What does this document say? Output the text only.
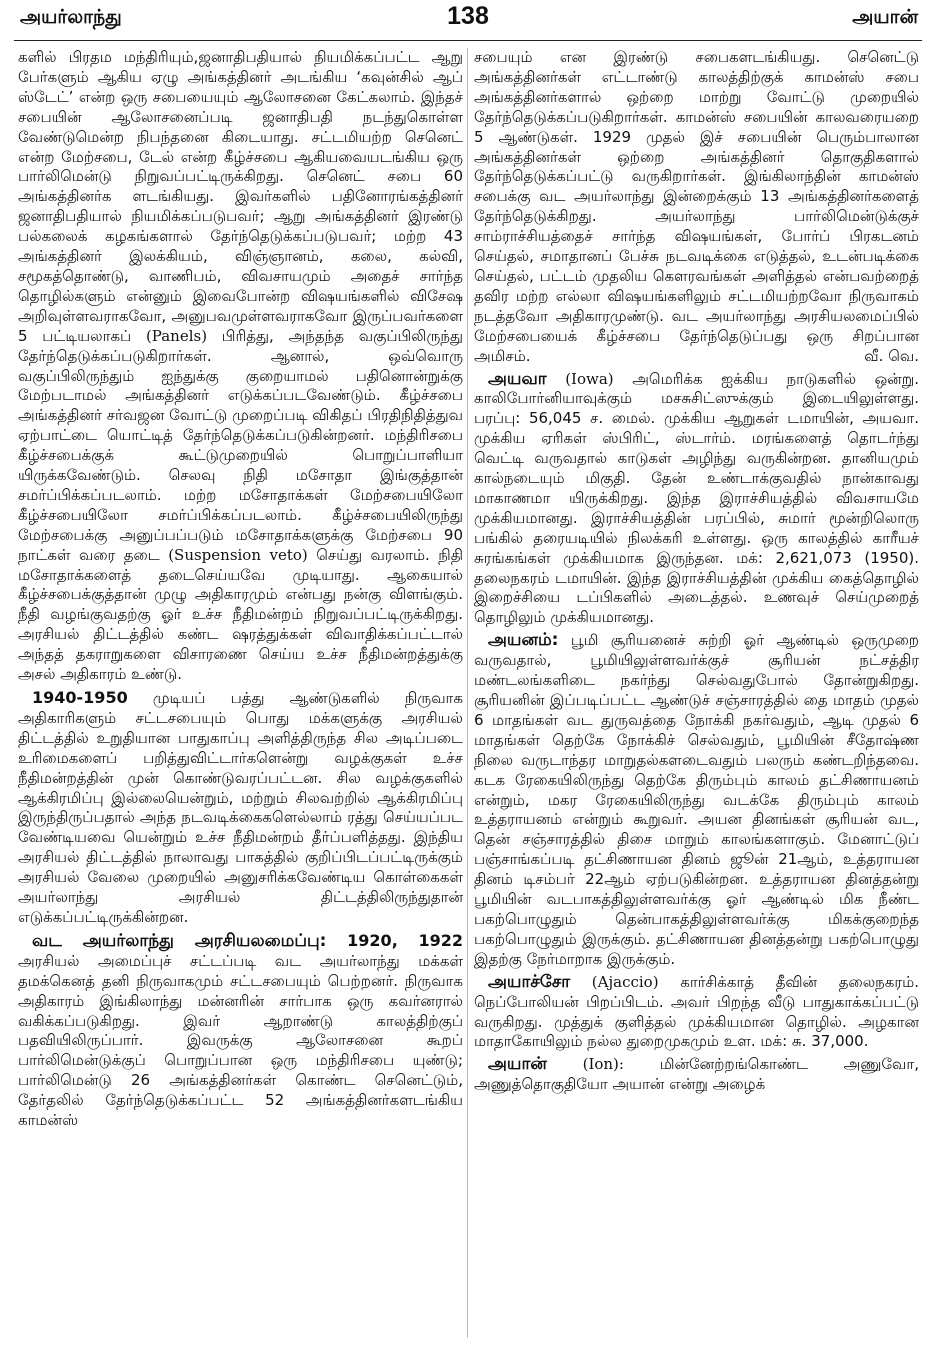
அயர்லாந்து	138	அயான்

களில் பிரதம மந்திரியும்,ஜனாதிபதியால் நியமிக்கப்பட்ட ஆறு பேர்களும் ஆகிய ஏழு அங்கத்தினர் அடங்கிய ‘கவுன்சில் ஆப் ஸ்டேட்’ என்ற ஒரு சபையையும் ஆலோசனை கேட்கலாம். இந்தச் சபையின் ஆலோசனைப்படி ஜனாதிபதி நடந்துகொள்ள வேண்டுமென்ற நிபந்தனை கிடையாது. சட்டமியற்ற செனெட் என்ற மேற்சபை, டேல் என்ற கீழ்ச்சபை ஆகியவையடங்கிய ஒரு பார்லிமென்டு நிறுவப்பட்டிருக்கிறது. செனெட் சபை 60 அங்கத்தினர்க ளடங்கியது. இவர்களில் பதினோரங்கத்தினர் ஜனாதிபதியால் நியமிக்கப்படுபவர்; ஆறு அங்கத்தினர் இரண்டு பல்கலைக் கழகங்களால் தேர்ந்தெடுக்கப்படுபவர்; மற்ற 43 அங்கத்தினர் இலக்கியம், விஞ்ஞானம், கலை, கல்வி, சமூகத்தொண்டு, வாணிபம், விவசாயமும் அதைச் சார்ந்த தொழில்களும் என்னும் இவைபோன்ற விஷயங்களில் விசேஷ அறிவுள்ளவராகவோ, அனுபவமுள்ளவராகவோ இருப்பவர்களை 5 பட்டியலாகப் (Panels) பிரித்து, அந்தந்த வகுப்பிலிருந்து தேர்ந்தெடுக்கப்படுகிறார்கள். ஆனால், ஒவ்வொரு வகுப்பிலிருந்தும் ஐந்துக்கு குறையாமல் பதினொன்றுக்கு மேற்படாமல் அங்கத்தினர் எடுக்கப்படவேண்டும். கீழ்ச்சபை அங்கத்தினர் சர்வஜன வோட்டு முறைப்படி விகிதப் பிரதிநிதித்துவ ஏற்பாட்டை யொட்டித் தேர்ந்தெடுக்கப்படுகின்றனர். மந்திரிசபை கீழ்ச்சபைக்குக் கூட்டுமுறையில் பொறுப்பாளியா யிருக்கவேண்டும். செலவு நிதி மசோதா இங்குத்தான் சமர்ப்பிக்கப்படலாம். மற்ற மசோதாக்கள் மேற்சபையிலோ கீழ்ச்சபையிலோ சமர்ப்பிக்கப்படலாம். கீழ்ச்சபையிலிருந்து மேற்சபைக்கு அனுப்பப்படும் மசோதாக்களுக்கு மேற்சபை 90 நாட்கள் வரை தடை (Suspension veto) செய்து வரலாம். நிதி மசோதாக்களைத் தடைசெய்யவே முடியாது. ஆகையால் கீழ்ச்சபைக்குத்தான் முழு அதிகாரமும் என்பது நன்கு விளங்கும். நீதி வழங்குவதற்கு ஓர் உச்ச நீதிமன்றம் நிறுவப்பட்டிருக்கிறது. அரசியல் திட்டத்தில் கண்ட ஷரத்துக்கள் விவாதிக்கப்பட்டால் அந்தத் தகராறுகளை விசாரணை செய்ய உச்ச நீதிமன்றத்துக்கு அசல் அதிகாரம் உண்டு.

1940-1950 முடியப் பத்து ஆண்டுகளில் நிருவாக அதிகாரிகளும் சட்டசபையும் பொது மக்களுக்கு அரசியல் திட்டத்தில் உறுதியான பாதுகாப்பு அளித்திருந்த சில அடிப்படை உரிமைகளைப் பறித்துவிட்டார்களென்று வழக்குகள் உச்ச நீதிமன்றத்தின் முன் கொண்டுவரப்பட்டன. சில வழக்குகளில் ஆக்கிரமிப்பு இல்லையென்றும், மற்றும் சிலவற்றில் ஆக்கிரமிப்பு இருந்திருப்பதால் அந்த நடவடிக்கைகளெல்லாம் ரத்து செய்யப்பட வேண்டியவை யென்றும் உச்ச நீதிமன்றம் தீர்ப்பளித்தது. இந்திய அரசியல் திட்டத்தில் நாலாவது பாகத்தில் குறிப்பிடப்பட்டிருக்கும் அரசியல் வேலை முறையில் அனுசரிக்கவேண்டிய கொள்கைகள் அயர்லாந்து அரசியல் திட்டத்திலிருந்துதான் எடுக்கப்பட்டிருக்கின்றன.

வட அயர்லாந்து அரசியலமைப்பு: 1920, 1922 அரசியல் அமைப்புச் சட்டப்படி வட அயர்லாந்து மக்கள் தமக்கெனத் தனி நிருவாகமும் சட்டசபையும் பெற்றனர். நிருவாக அதிகாரம் இங்கிலாந்து மன்னரின் சார்பாக ஒரு கவர்னரால் வகிக்கப்படுகிறது. இவர் ஆறாண்டு காலத்திற்குப் பதவியிலிருப்பார். இவருக்கு ஆலோசனை கூறப் பார்லிமென்டுக்குப் பொறுப்பான ஒரு மந்திரிசபை யுண்டு; பார்லிமென்டு 26 அங்கத்தினர்கள் கொண்ட செனெட்டும், தேர்தலில் தேர்ந்தெடுக்கப்பட்ட 52 அங்கத்தினர்களடங்கிய காமன்ஸ்

சபையும் என இரண்டு சபைகளடங்கியது. செனெட்டு அங்கத்தினர்கள் எட்டாண்டு காலத்திற்குக் காமன்ஸ் சபை அங்கத்தினர்களால் ஒற்றை மாற்று வோட்டு முறையில் தேர்ந்தெடுக்கப்படுகிறார்கள். காமன்ஸ் சபையின் காலவரையறை 5 ஆண்டுகள். 1929 முதல் இச் சபையின் பெரும்பாலான அங்கத்தினர்கள் ஒற்றை அங்கத்தினர் தொகுதிகளால் தேர்ந்தெடுக்கப்பட்டு வருகிறார்கள். இங்கிலாந்தின் காமன்ஸ் சபைக்கு வட அயர்லாந்து இன்றைக்கும் 13 அங்கத்தினர்களைத் தேர்ந்தெடுக்கிறது. அயர்லாந்து பார்லிமென்டுக்குச் சாம்ராச்சியத்தைச் சார்ந்த விஷயங்கள், போர்ப் பிரகடனம் செய்தல், சமாதானப் பேச்சு நடவடிக்கை எடுத்தல், உடன்படிக்கை செய்தல், பட்டம் முதலிய கௌரவங்கள் அளித்தல் என்பவற்றைத் தவிர மற்ற எல்லா விஷயங்களிலும் சட்டமியற்றவோ நிருவாகம் நடத்தவோ அதிகாரமுண்டு. வட அயர்லாந்து அரசியலமைப்பில் மேற்சபையைக் கீழ்ச்சபை தேர்ந்தெடுப்பது ஒரு சிறப்பான அமிசம்.	வீ. வெ.

அயவா (Iowa) அமெரிக்க ஐக்கிய நாடுகளில் ஒன்று. காலிபோர்னியாவுக்கும் மசசுசிட்ஸுக்கும் இடையிலுள்ளது. பரப்பு: 56,045 ச. மைல். முக்கிய ஆறுகள் டமாயின், அயவா. முக்கிய ஏரிகள் ஸ்பிரிட், ஸ்டார்ம். மரங்களைத் தொடர்ந்து வெட்டி வருவதால் காடுகள் அழிந்து வருகின்றன. தானியமும் கால்நடையும் மிகுதி. தேன் உண்டாக்குவதில் நான்காவது மாகாணமா யிருக்கிறது. இந்த இராச்சியத்தில் விவசாயமே முக்கியமானது. இராச்சியத்தின் பரப்பில், சுமார் மூன்றிலொரு பங்கில் தரையடியில் நிலக்கரி உள்ளது. ஒரு காலத்தில் காரீயச் சுரங்கங்கள் முக்கியமாக இருந்தன. மக்: 2,621,073 (1950). தலைநகரம் டமாயின். இந்த இராச்சியத்தின் முக்கிய கைத்தொழில் இறைச்சியை டப்பிகளில் அடைத்தல். உணவுச் செய்முறைத் தொழிலும் முக்கியமானது.

அயனம்: பூமி சூரியனைச் சுற்றி ஓர் ஆண்டில் ஒருமுறை வருவதால், பூமியிலுள்ளவர்க்குச் சூரியன் நட்சத்திர மண்டலங்களிடை நகர்ந்து செல்வதுபோல் தோன்றுகிறது. சூரியனின் இப்படிப்பட்ட ஆண்டுச் சஞ்சாரத்தில் தை மாதம் முதல் 6 மாதங்கள் வட துருவத்தை நோக்கி நகர்வதும், ஆடி முதல் 6 மாதங்கள் தெற்கே நோக்கிச் செல்வதும், பூமியின் சீதோஷ்ண நிலை வருடாந்தர மாறுதல்களடைவதும் பலரும் கண்டறிந்தவை. கடக ரேகையிலிருந்து தெற்கே திரும்பும் காலம் தட்சிணாயனம் என்றும், மகர ரேகையிலிருந்து வடக்கே திரும்பும் காலம் உத்தராயனம் என்றும் கூறுவர். அயன தினங்கள் சூரியன் வட, தென் சஞ்சாரத்தில் திசை மாறும் காலங்களாகும். மேனாட்டுப் பஞ்சாங்கப்படி தட்சிணாயன தினம் ஜூன் 21ஆம், உத்தராயன தினம் டிசம்பர் 22ஆம் ஏற்படுகின்றன. உத்தராயன தினத்தன்று பூமியின் வடபாகத்திலுள்ளவர்க்கு ஓர் ஆண்டில் மிக நீண்ட பகற்பொழுதும் தென்பாகத்திலுள்ளவர்க்கு மிகக்குறைந்த பகற்பொழுதும் இருக்கும். தட்சிணாயன தினத்தன்று பகற்பொழுது இதற்கு நேர்மாறாக இருக்கும்.

அயாச்சோ (Ajaccio) கார்சிக்காத் தீவின் தலைநகரம். நெப்போலியன் பிறப்பிடம். அவர் பிறந்த வீடு பாதுகாக்கப்பட்டு வருகிறது. முத்துக் குளித்தல் முக்கியமான தொழில். அழகான மாதாகோயிலும் நல்ல துறைமுகமும் உள. மக்: சு. 37,000.

அயான் (Ion): மின்னேற்றங்கொண்ட அணுவோ, அணுத்தொகுதியோ அயான் என்று அழைக்
